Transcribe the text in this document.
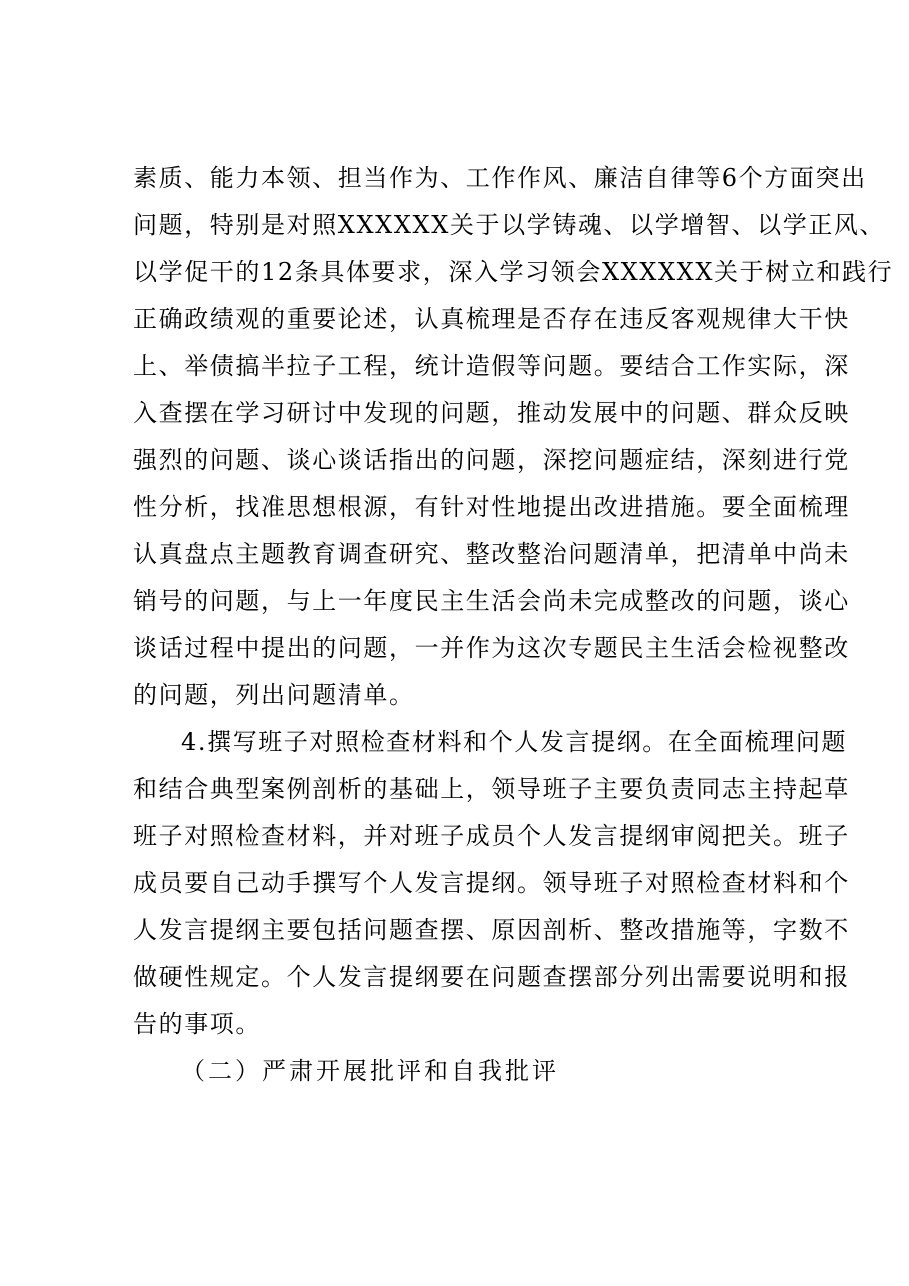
素质、能力本领、担当作为、工作作风、廉洁自律等6个方面突出
问题，特别是对照XXXXXX关于以学铸魂、以学增智、以学正风、
以学促干的12条具体要求，深入学习领会XXXXXX关于树立和践行
正确政绩观的重要论述，认真梳理是否存在违反客观规律大干快
上、举债搞半拉子工程，统计造假等问题。要结合工作实际，深
入查摆在学习研讨中发现的问题，推动发展中的问题、群众反映
强烈的问题、谈心谈话指出的问题，深挖问题症结，深刻进行党
性分析，找准思想根源，有针对性地提出改进措施。要全面梳理
认真盘点主题教育调查研究、整改整治问题清单，把清单中尚未
销号的问题，与上一年度民主生活会尚未完成整改的问题，谈心
谈话过程中提出的问题，一并作为这次专题民主生活会检视整改
的问题，列出问题清单。
4.撰写班子对照检查材料和个人发言提纲。在全面梳理问题
和结合典型案例剖析的基础上，领导班子主要负责同志主持起草
班子对照检查材料，并对班子成员个人发言提纲审阅把关。班子
成员要自己动手撰写个人发言提纲。领导班子对照检查材料和个
人发言提纲主要包括问题查摆、原因剖析、整改措施等，字数不
做硬性规定。个人发言提纲要在问题查摆部分列出需要说明和报
告的事项。
（二）严肃开展批评和自我批评
